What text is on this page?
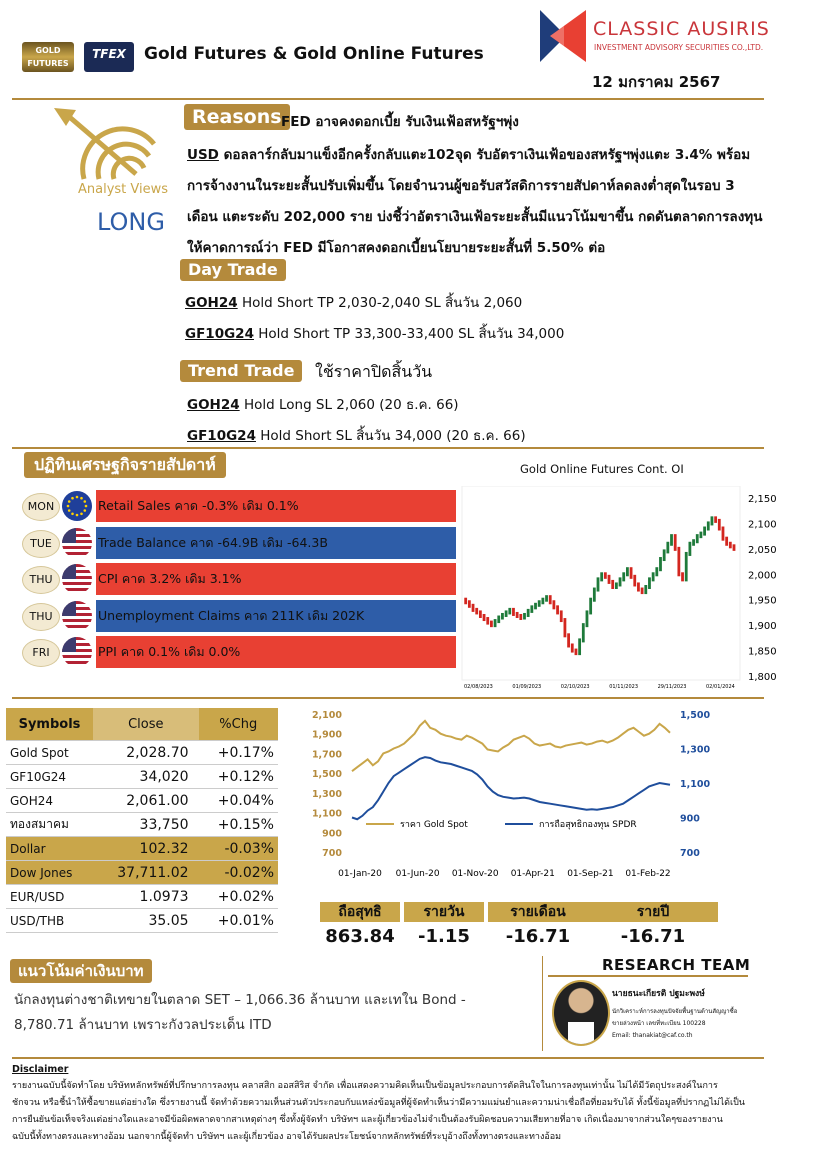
GOLD FUTURES
TFEX	Gold Futures & Gold Online Futures
CLASSIC AUSIRIS
INVESTMENT ADVISORY SECURITIES CO.,LTD.
12 มกราคม 2567
Analyst Views
LONG
Reasons FED อาจคงดอกเบี้ย รับเงินเฟ้อสหรัฐฯพุ่ง
USD ดอลลาร์กลับมาแข็งอีกครั้งกลับแตะ102จุด รับอัตราเงินเฟ้อของสหรัฐฯพุ่งแตะ 3.4% พร้อม
การจ้างงานในระยะสั้นปรับเพิ่มขึ้น โดยจำนวนผู้ขอรับสวัสดิการรายสัปดาห์ลดลงต่ำสุดในรอบ 3
เดือน แตะระดับ 202,000 ราย บ่งชี้ว่าอัตราเงินเฟ้อระยะสั้นมีแนวโน้มขาขึ้น กดดันตลาดการลงทุน
ให้คาดการณ์ว่า FED มีโอกาสคงดอกเบี้ยนโยบายระยะสั้นที่ 5.50% ต่อ
Day Trade
GOH24 Hold Short TP 2,030-2,040 SL สิ้นวัน 2,060
GF10G24 Hold Short TP 33,300-33,400 SL สิ้นวัน 34,000
Trend Trade	ใช้ราคาปิดสิ้นวัน
GOH24 Hold Long SL 2,060 (20 ธ.ค. 66)
GF10G24 Hold Short SL สิ้นวัน 34,000 (20 ธ.ค. 66)
ปฏิทินเศรษฐกิจรายสัปดาห์
MON	Retail Sales คาด -0.3% เดิม 0.1%
TUE	Trade Balance คาด -64.9B เดิม -64.3B
THU	CPI คาด 3.2% เดิม 3.1%
THU	Unemployment Claims คาด 211K เดิม 202K
FRI	PPI คาด 0.1% เดิม 0.0%
Gold Online Futures Cont. OI
2,150
2,100
2,050
2,000
1,950
1,900
1,850
1,800
02/08/2023	01/09/2023	02/10/2023	01/11/2023	29/11/2023	02/01/2024
Symbols	Close	%Chg
Gold Spot	2,028.70	+0.17%
GF10G24	34,020	+0.12%
GOH24	2,061.00	+0.04%
ทองสมาคม	33,750	+0.15%
Dollar	102.32	-0.03%
Dow Jones	37,711.02	-0.02%
EUR/USD	1.0973	+0.02%
USD/THB	35.05	+0.01%
2,100
1,900
1,700
1,500
1,300
1,100
900
700
1,500
1,300
1,100
900
700
01-Jan-20 01-Jun-20 01-Nov-20 01-Apr-21 01-Sep-21 01-Feb-22
ราคา Gold Spot	การถือสุทธิกองทุน SPDR
ถือสุทธิ	รายวัน	รายเดือน	รายปี
863.84	-1.15	-16.71	-16.71
แนวโน้มค่าเงินบาท
นักลงทุนต่างชาติเทขายในตลาด SET – 1,066.36 ล้านบาท และเทใน Bond -
8,780.71 ล้านบาท เพราะกังวลประเด็น ITD
RESEARCH TEAM
นายธนะเกียรติ ปฐมะพงษ์
นักวิเคราะห์การลงทุนปัจจัยพื้นฐานด้านสัญญาซื้อ
ขายล่วงหน้า เลขที่ทะเบียน 100228
Email: thanakiat@caf.co.th
Disclaimer
รายงานฉบับนี้จัดทำโดย บริษัทหลักทรัพย์ที่ปรึกษาการลงทุน คลาสสิก ออสสิริส จำกัด เพื่อแสดงความคิดเห็นเป็นข้อมูลประกอบการตัดสินใจในการลงทุนเท่านั้น ไม่ได้มีวัตถุประสงค์ในการ
ชักจวน หรือชี้นำให้ซื้อขายแต่อย่างใด ซึ่งรายงานนี้ จัดทำด้วยความเห็นส่วนตัวประกอบกับแหล่งข้อมูลที่ผู้จัดทำเห็นว่ามีความแม่นยำและความน่าเชื่อถือที่ยอมรับได้ ทั้งนี้ข้อมูลที่ปรากฏไม่ได้เป็น
การยืนยันข้อเท็จจริงแต่อย่างใดและอาจมีข้อผิดพลาดจากสาเหตุต่างๆ ซึ่งทั้งผู้จัดทำ บริษัทฯ และผู้เกี่ยวข้องไม่จำเป็นต้องรับผิดชอบความเสียหายที่อาจ เกิดเนื่องมาจากส่วนใดๆของรายงาน
ฉบับนี้ทั้งทางตรงและทางอ้อม นอกจากนี้ผู้จัดทำ บริษัทฯ และผู้เกี่ยวข้อง อาจได้รับผลประโยชน์จากหลักทรัพย์ที่ระบุอ้างถึงทั้งทางตรงและทางอ้อม
